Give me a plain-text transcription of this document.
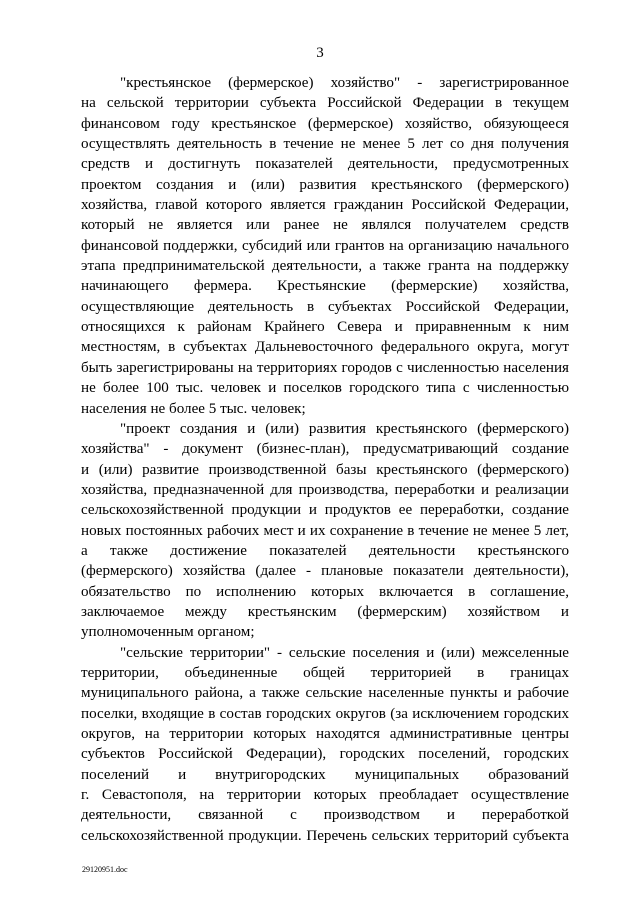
3
"крестьянское (фермерское) хозяйство" - зарегистрированное
на сельской территории субъекта Российской Федерации в текущем
финансовом году крестьянское (фермерское) хозяйство, обязующееся
осуществлять деятельность в течение не менее 5 лет со дня получения
средств и достигнуть показателей деятельности, предусмотренных
проектом создания и (или) развития крестьянского (фермерского)
хозяйства, главой которого является гражданин Российской Федерации,
который не является или ранее не являлся получателем средств
финансовой поддержки, субсидий или грантов на организацию начального
этапа предпринимательской деятельности, а также гранта на поддержку
начинающего фермера. Крестьянские (фермерские) хозяйства,
осуществляющие деятельность в субъектах Российской Федерации,
относящихся к районам Крайнего Севера и приравненным к ним
местностям, в субъектах Дальневосточного федерального округа, могут
быть зарегистрированы на территориях городов с численностью населения
не более 100 тыс. человек и поселков городского типа с численностью
населения не более 5 тыс. человек;
"проект создания и (или) развития крестьянского (фермерского)
хозяйства" - документ (бизнес-план), предусматривающий создание
и (или) развитие производственной базы крестьянского (фермерского)
хозяйства, предназначенной для производства, переработки и реализации
сельскохозяйственной продукции и продуктов ее переработки, создание
новых постоянных рабочих мест и их сохранение в течение не менее 5 лет,
а также достижение показателей деятельности крестьянского
(фермерского) хозяйства (далее - плановые показатели деятельности),
обязательство по исполнению которых включается в соглашение,
заключаемое между крестьянским (фермерским) хозяйством и
уполномоченным органом;
"сельские территории" - сельские поселения и (или) межселенные
территории, объединенные общей территорией в границах
муниципального района, а также сельские населенные пункты и рабочие
поселки, входящие в состав городских округов (за исключением городских
округов, на территории которых находятся административные центры
субъектов Российской Федерации), городских поселений, городских
поселений и внутригородских муниципальных образований
г. Севастополя, на территории которых преобладает осуществление
деятельности, связанной с производством и переработкой
сельскохозяйственной продукции. Перечень сельских территорий субъекта
29120951.doc
